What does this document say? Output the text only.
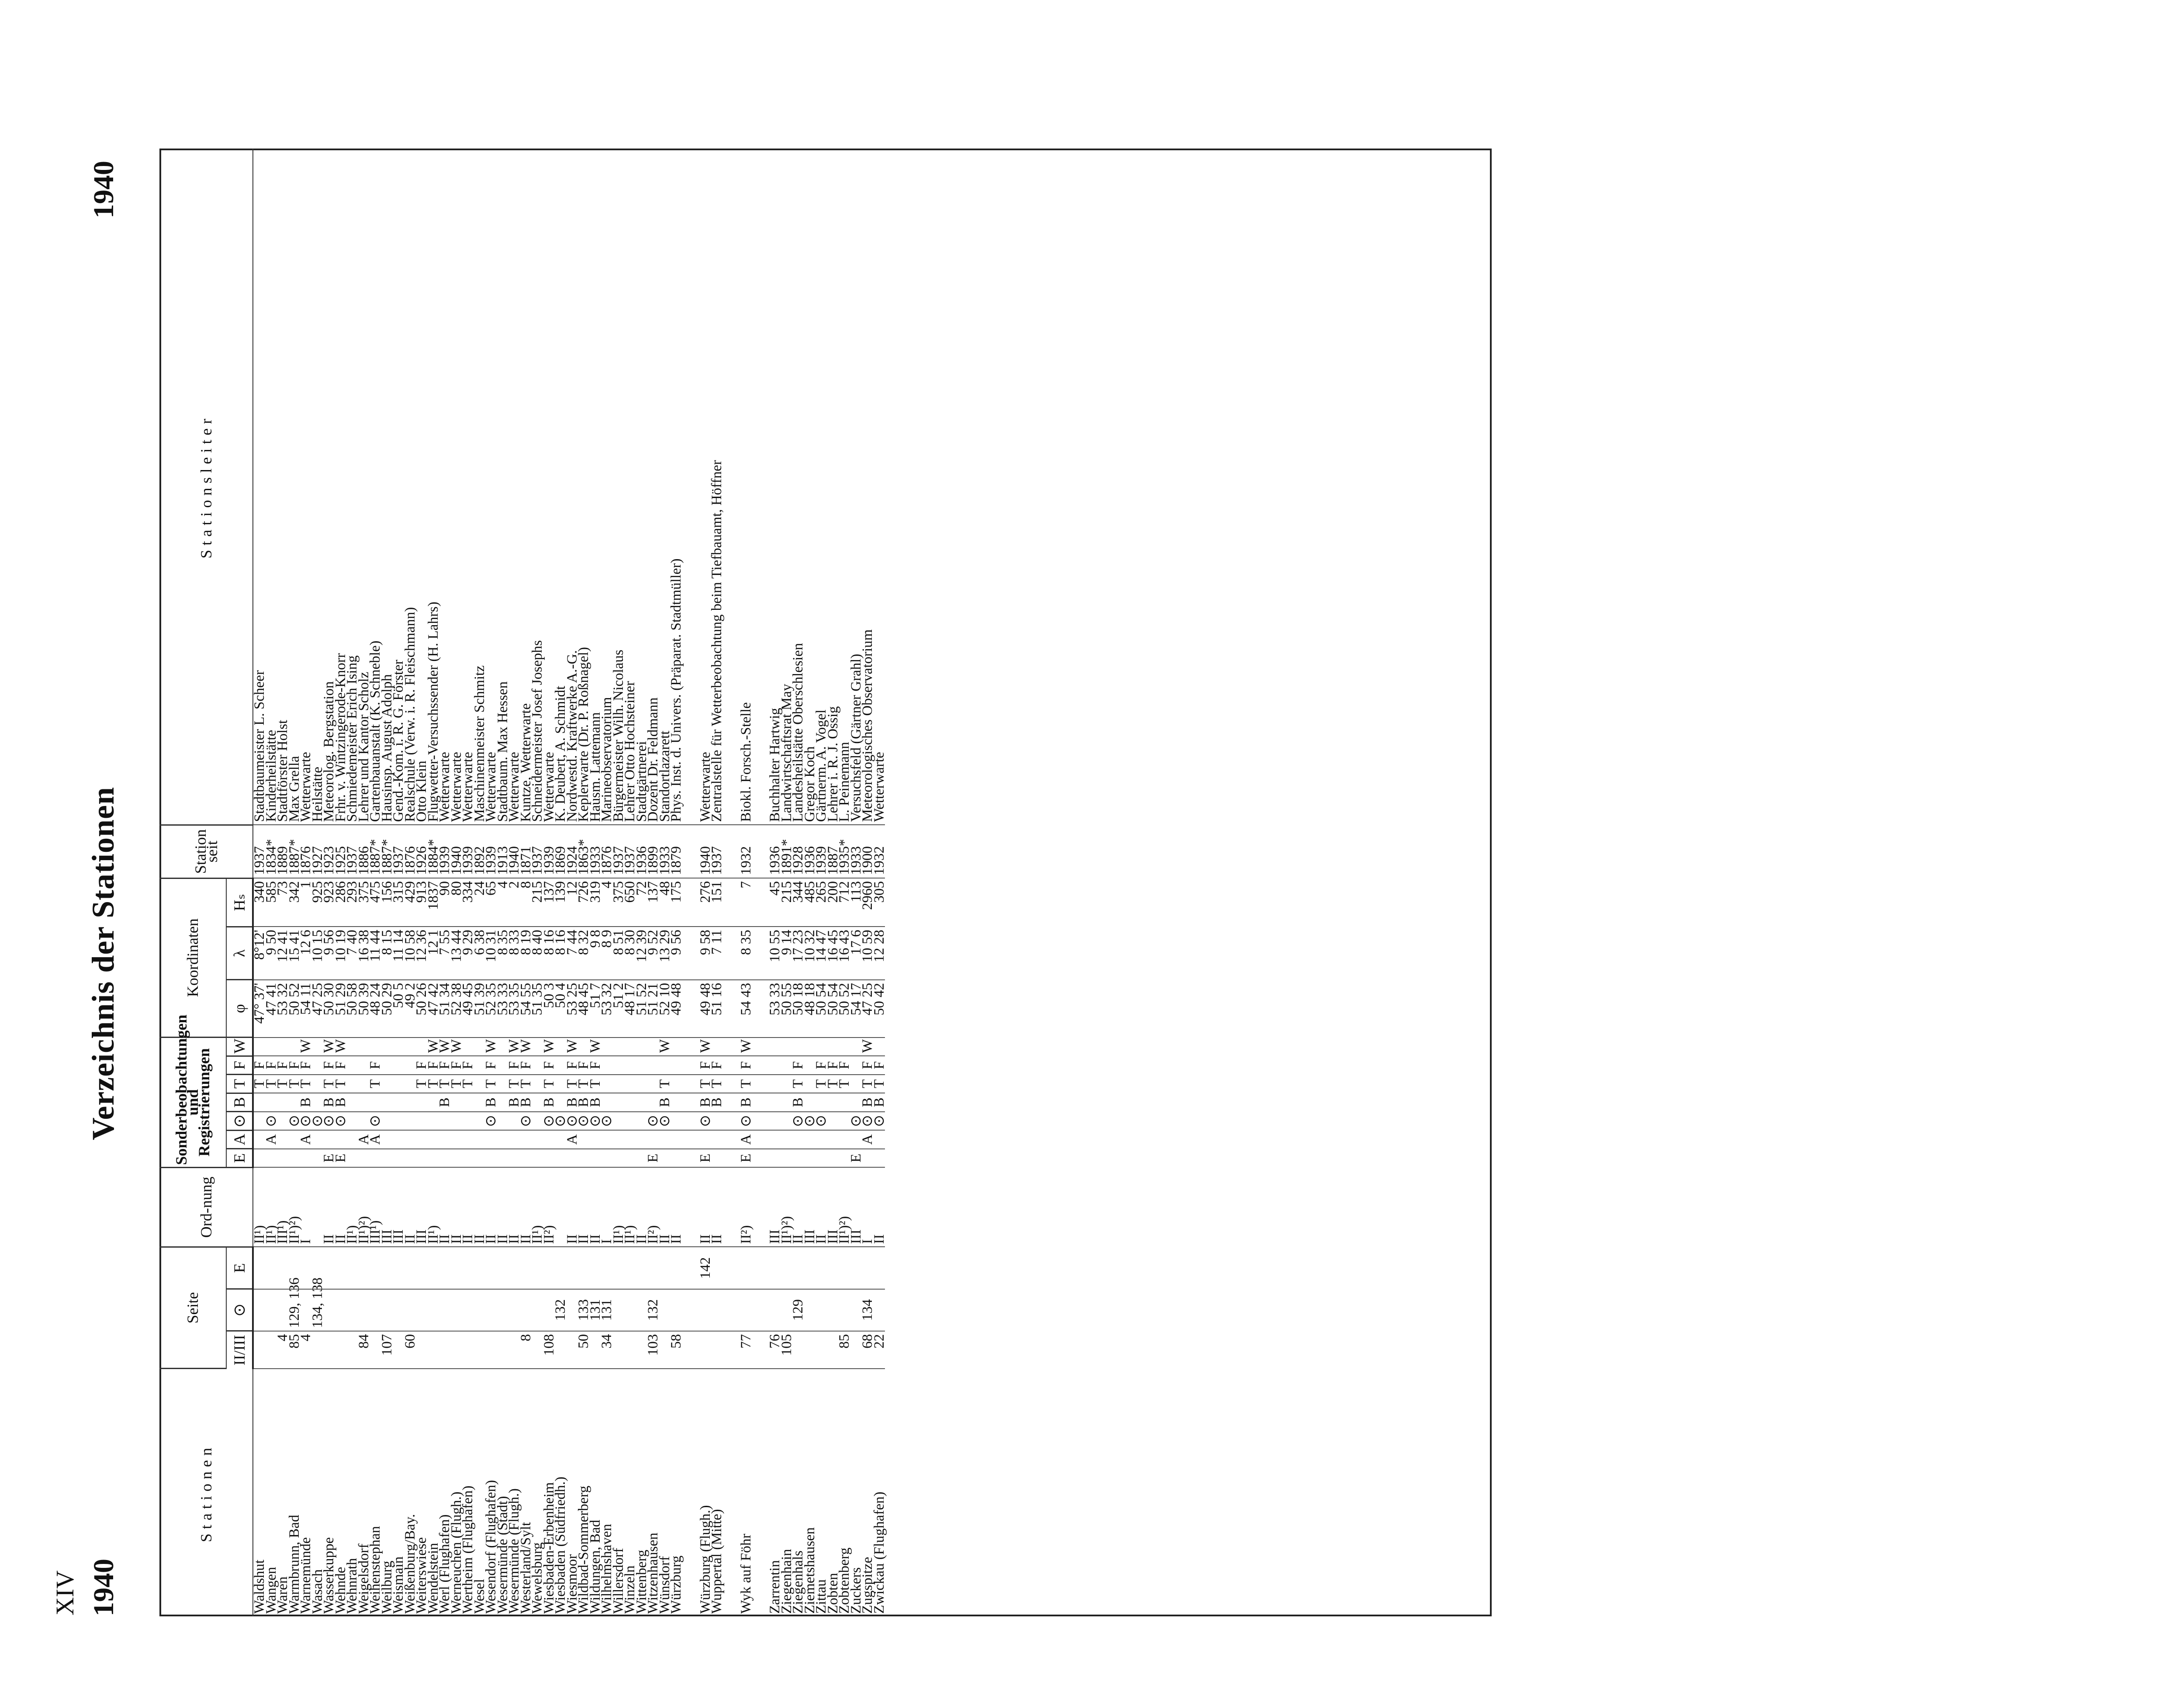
XIV 1940
Verzeichnis der Stationen
1940
Stationen	Seite			Ord-nung	Sonderbeobachtungen und Registrierungen							Koordinaten			Station seit	Stationsleiter
	II/III	⊙	E		E	A	⊙	B	T	F	W	φ	λ	Hₛ		
Waldshut				II¹)					T	F		47° 37'	8°12'	340	1937	Stadtbaumeister L. Scheer
Wangen				II¹)		A	⊙		T	F		47 41	9 50	585	1834*	Kinderheilstätte
Waren	4			III¹)					T	F		53 32	12 41	73	1889	Stadtförster Holst
Warmbrunn, Bad	85	129, 136		II¹)²)			⊙		T	F		50 52	15 41	342	1887*	Max Grella
Warnemünde	4			I		A	⊙	B	T	F	W	54 11	12 6	1	1876	Wetterwarte
Wasach		134, 138					⊙					47 25	10 15	925	1927	Heilstätte
Wasserkuppe				II	E		⊙	B	T	F	W	50 30	9 56	923	1923	Meteorolog. Bergstation
Wehnde				II	E		⊙	B	T	F	W	51 29	10 19	286	1925	Frhr. v. Wintzingerode-Knorr
Wehnrath				II¹)								50 58	7 40	293	1937	Schmiedemeister Erich Ising
Weigelsdorf	84			II¹)²)		A						50 39	16 38	375	1886	Lehrer und Kantor Scholz
Weihenstephan				III¹)		A	⊙		T	F		48 24	11 44	475	1887*	Gartenbauanstalt (K. Schneble)
Weilburg	107			III								50 29	8 15	156	1887*	Hausinsp. August Adolph
Weismain				III								50 5	11 14	315	1937	Gend.-Kom. i. R. G. Förster
Weißenburg/Bay.	60			II								49 2	10 58	429	1876	Realschule (Verw. i. R. Fleischmann)
Weiterswiese				III					T	F		50 26	12 36	913	1926	Otto Klein
Wendelstein				II¹)					T	F	W	47 42	12 1	1837	1884*	Flugwetter-Versuchssender (H. Lahrs)
Werl (Flughafen)				II				B	T	F	W	51 34	7 55	90	1939	Wetterwarte
Werneuchen (Flugh.)				II					T	F	W	52 38	13 44	80	1940	Wetterwarte
Wertheim (Flughafen)				II					T	F		49 45	9 29	334	1939	Wetterwarte
Wesel				II								51 39	6 38	24	1892	Maschinenmeister Schmitz
Wesendorf (Flughafen)				II			⊙	B	T	F	W	52 35	10 31	65	1939	Wetterwarte
Wesermünde (Stadt)				II								53 33	8 35	4	1913	Stadtbaum. Max Hessen
Wesermünde (Flugh.)				II				B	T	F	W	53 35	8 33	2	1940	Wetterwarte
Westerland/Sylt	8			II			⊙	B	T	F	W	54 55	8 19	8	1871	Kuntze, Wetterwarte
Wewelsburg				II¹)								51 35	8 40	215	1937	Schneidermeister Josef Josephs
Wiesbaden-Erbenheim	108			II²)			⊙	B	T	F	W	50 3	8 16	137	1939	Wetterwarte
Wiesbaden (Südfriedh.)		132					⊙					50 4	8 16	139	1869	K. Deubert, A. Schmidt
Wiesmoor				II		A	⊙	B	T	F	W	53 25	7 44	12	1924	Nordwestd. Kraftwerke A.-G.
Wildbad-Sommerberg	50	133		II			⊙	B	T	F		48 45	8 32	726	1863*	Keplerwarte (Dr. P. Roßnagel)
Wildungen, Bad		131		II			⊙	B	T	F	W	51 7	9 8	319	1933	Hausm. Lattemann
Wilhelmshaven	34	131		I			⊙					53 32	8 9	4	1876	Marineobservatorium
Willersdorf				II¹)								51 2	8 51	375	1937	Bürgermeister Wilh. Nicolaus
Winzeln				II¹)								48 17	8 30	650	1937	Lehrer Otto Hochsteiner
Wittenberg				II								51 52	12 39	72	1936	Stadtgärtnerei
Witzenhausen	103	132		II²)	E		⊙					51 21	9 52	137	1899	Dozent Dr. Feldmann
Wünsdorf				II			⊙	B	T		W	52 10	13 29	48	1933	Standortlazarett
Würzburg	58			II								49 48	9 56	175	1879	Phys. Inst. d. Univers. (Präparat. Stadtmüller)

Würzburg (Flugh.)			142	II	E		⊙	B	T	F	W	49 48	9 58	276	1940	Wetterwarte
Wuppertal (Mitte)				II				B	T	F		51 16	7 11	151	1937	Zentralstelle für Wetterbeobachtung beim Tiefbauamt, Höffner

Wyk auf Föhr	77			II²)	E	A	⊙	B	T	F	W	54 43	8 35	7	1932	Biokl. Forsch.-Stelle

Zarrentin	76			III								53 33	10 55	45	1936	Buchhalter Hartwig
Ziegenhain	105			II¹)²)								50 55	9 14	215	1891*	Landwirtschaftsrat May
Ziegenhals		129		II			⊙	B	T	F		50 18	17 23	344	1928	Landesheilstätte Oberschlesien
Ziemetshausen				III			⊙					48 18	10 32	485	1936	Gregor Koch
Zittau				II			⊙		T	F		50 54	14 47	265	1939	Gärtnerm. A. Vogel
Zobten				III					T	F		50 54	16 45	200	1887	Lehrer i. R. J. Ossig
Zobtenberg	85			II¹)²)					T	F		50 52	16 43	712	1935*	L. Peinemann
Zuckers				III	E		⊙					54 17	17 6	113	1933	Versuchsfeld (Gärtner Grahl)
Zugspitze	68	134		I		A	⊙	B	T	F	W	47 25	10 59	2960	1900	Meteorologisches Observatorium
Zwickau (Flughafen)	22			II			⊙	B	T	F		50 42	12 28	305	1932	Wetterwarte
